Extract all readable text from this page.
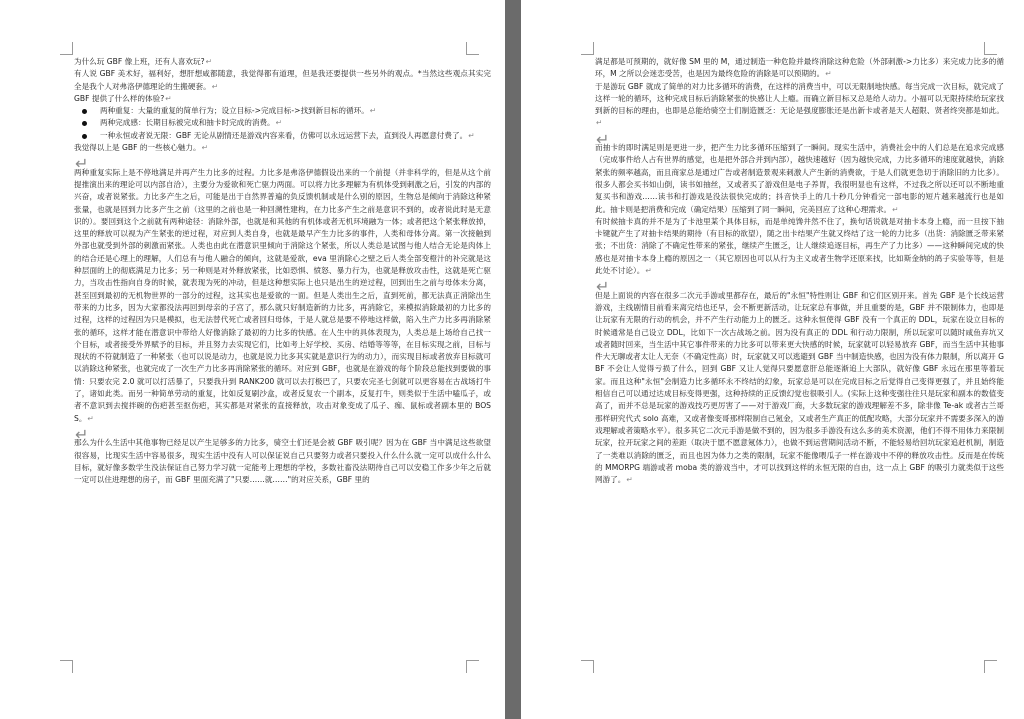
为什么玩 GBF 像上班，还有人喜欢玩? ↵

有人说 GBF 美术好，福利好，想肝想咸都随意，我觉得都有道理，但是我还要提供一些另外的观点。*当然这些观点其实完全是我个人对弗洛伊德理论的生搬硬套。 ↵

GBF 提供了什么样的体验? ↵

两种重复：大量的重复的简单行为；设立目标->完成目标->找到新目标的循环。 ↵
两种完成感：长期目标被完成和抽卡时完成的消费。 ↵
一种永恒或者说无限：GBF 无论从剧情还是游戏内容来看，仿佛可以永远运营下去，直到没人再愿意付费了。 ↵

我觉得以上是 GBF 的一些核心魅力。 ↵

↵

两种重复实际上是不停地满足并再产生力比多的过程。力比多是弗洛伊德假设出来的一个前提（并非科学的，但是从这个前提推演出来的理论可以内部自洽），主要分为爱欲和死亡驱力两面。可以将力比多理解为有机体受到刺激之后，引发的内部的兴奋，或者说紧张。力比多产生之后，可能是出于自然界普遍的负反馈机制或是什么别的原因，生物总是倾向于消除这种紧张量，也就是回到力比多产生之前（这里的之前也是一种回溯性建构，在力比多产生之前是意识不到的，或者说此时是无意识的）。要回到这个之前就有两种途径：消除外部，也就是和其他的有机体或者无机环境融为一体；或者把这个紧张释放掉，这里的释放可以视为产生紧张的逆过程，对应到人类自身，也就是最早产生力比多的事件，人类和母体分离。第一次接触到外部也就受到外部的刺激而紧张。人类也由此在潜意识里倾向于消除这个紧张，所以人类总是试图与他人结合无论是肉体上的结合还是心理上的理解，人们总有与他人融合的倾向，这就是爱欲，eva 里消除心之壁之后人类全部变橙汁的补完就是这种层面的上的彻底满足力比多；另一种则是对外释放紧张，比如恐惧、愤怒、暴力行为，也就是释放攻击性，这就是死亡驱力，当攻击性指向自身的时候，就表现为死的冲动，但是这种想实际上也只是出生的逆过程，回到出生之前与母体未分离，甚至回到最初的无机物世界的一部分的过程，这其实也是爱欲的一面。但是人类出生之后，直到死前，都无法真正消除出生带来的力比多，因为大家都没法再回到母亲的子宫了，那么就只好制造新的力比多，再消除它，来模拟消除最初的力比多的过程，这样的过程因为只是模拟，也无法替代死亡或者回归母体，于是人就总是要不停地这样做，陷入生产力比多再消除紧张的循环，这样才能在潜意识中带给人好像消除了最初的力比多的快感。在人生中的具体表现为，人类总是上场给自己找一个目标，或者接受外界赋予的目标，并且努力去实现它们，比如考上好学校、买房、结婚等等等，在目标实现之前，目标与现状的不符就制造了一种紧张（也可以说是动力，也就是说力比多其实就是意识行为的动力），而实现目标或者放弃目标就可以消除这种紧张，也就完成了一次生产力比多再消除紧张的循环。对应到 GBF，也就是在游戏的每个阶段总能找到要做的事情：只要农完 2.0 就可以打活暴了，只要我升到 RANK200 就可以去打极巴了，只要农完圣七剑就可以更容易在古战场打牛了，诸如此类。而另一种简单劳动的重复，比如反复刷沙盒，或者反复农一个副本，反复打牛，则类似于生活中嗑瓜子，或者不意识到去搅拌碗的伤疤甚至抠伤疤，其实都是对紧张的直接释放，攻击对象变成了瓜子、痂、鼠标或者副本里的 BOSS。 ↵

↵

那么为什么生活中其他事物已经足以产生足够多的力比多，骑空士们还是会被 GBF 吸引呢？因为在 GBF 当中满足这些欲望很容易，比现实生活中容易很多，现实生活中没有人可以保证说自己只要努力或者只要投入什么什么就一定可以成什么什么目标，就好像多数学生没法保证自己努力学习就一定能考上理想的学校，多数社畜没法期待自己可以安稳工作多少年之后就一定可以住进理想的房子，而 GBF 里面充满了"只要……就……"的对应关系，GBF 里的

满足都是可预期的，就好像 SM 里的 M，通过制造一种危险并最终消除这种危险（外部刺激->力比多）来完成力比多的循环，M 之所以会迷恋受苦，也是因为最终危险的消除是可以预期的。 ↵

于是游玩 GBF 就成了简单的对力比多循环的消费，在这样的消费当中，可以无限制地快感。每当完成一次目标，就完成了这样一轮的循环，这种完成目标后消除紧张的快感让人上瘾。而确立新目标又总是给人动力。小福可以无限持续给玩家找到新的目标的理由，也即是总能给骑空士们制造匮乏：无论是强度膨胀还是出新卡或者是天人超限、贤者终突都是如此。 ↵

↵

而抽卡的即时满足则是更进一步，把产生力比多循环压缩到了一瞬间。现实生活中，消费社会中的人们总是在追求完成感（完成事件给人占有世界的感觉，也是把外部合并到内部），越快速越好（因为越快完成，力比多循环的速度就越快，消除紧张的频率越高，而且商家总是通过广告或者制造景观来刺激人产生新的消费欲，于是人们就更急切于消除旧的力比多）。很多人都会买书如山倒，读书如抽丝，又或者买了游戏但是电子养胃，我很明显也有这样，不过我之所以还可以不断地重复买书和游戏……读书和打游戏是没法很快完成的；抖音快手上的几十秒几分钟看完一部电影的短片越来越流行也是如此。抽卡则是把消费和完成（确定结果）压缩到了同一瞬间，完美回应了这种心理需求。 ↵

有时候抽卡真的并不是为了卡池里某个具体目标，而是单纯馋井然不住了，换句话说就是对抽卡本身上瘾，而一旦按下抽卡键就产生了对抽卡结果的期待（有目标的欲望），随之出卡结果产生就又终结了这一轮的力比多（出货：消除匮乏带来紧张；不出货：消除了不确定性带来的紧张，继续产生匮乏，让人继续追逐目标，再生产了力比多）——这种瞬间完成的快感也是对抽卡本身上瘾的原因之一（其它原因也可以从行为主义或者生物学还原来找，比如斯金纳的鸽子实验等等，但是此处不讨论）。 ↵

↵

但是上面说的内容在很多二次元手游或里都存在，最后的"永恒"特性则让 GBF 和它们区别开来。首先 GBF 是个长线运营游戏，主线剧情目前看来离完结也还早，会不断更新活动，让玩家总有事做，并且重要的是，GBF 并不限制体力，也即是让玩家有无限的行动的机会，并不产生行动能力上的匮乏。这种永恒使得 GBF 没有一个真正的 DDL，玩家在设立目标的时候通常是自己设立 DDL，比如下一次古战场之前。因为没有真正的 DDL 和行动力限制，所以玩家可以随时咸鱼弃坑又或者随时回来，当生活中其它事件带来的力比多可以带来更大快感的时候，玩家就可以轻易放弃 GBF，而当生活中其他事件大无聊或者太让人无奈（不确定性高）时，玩家就又可以逃避到 GBF 当中制造快感，也因为没有体力限制，所以离开 GBF 不会让人觉得亏损了什么，回到 GBF 又让人觉得只要愿意肝总能逐渐追上大部队，就好像 GBF 永远在那里等着玩家。而且这种"永恒"会制造力比多循环永不终结的幻象，玩家总是可以在完成目标之后觉得自己变得更强了，并且始终能相信自己可以通过达成目标变得更强，这种持续的正反馈幻觉也很吸引人。(实际上这种变强往往只是玩家和副本的数值变高了，而并不总是玩家的游戏技巧更厉害了——对于游戏厂商，大多数玩家的游戏理解差不多，除非像 Te-ak 或者古兰哥那样研究代式 solo 高难，又或者像变哥那样限制自己氪金，又或者生产真正的低配攻略，大部分玩家并不需要多深入的游戏理解或者策略水平）。很多其它二次元手游是做不到的，因为很多手游没有这么多的美术资源，他们不得不用体力来限制玩家，拉开玩家之间的差距（取决于愿不愿意氪体力），也做不到运营期间活动不断，不能轻易给回坑玩家追赶机制，制造了一类难以消除的匮乏，而且也因为体力之类的限制，玩家不能像喂瓜子一样在游戏中不停的释放攻击性。反而是在传统的 MMORPG 端游或者 moba 类的游戏当中，才可以找到这样的永恒无限的自由，这一点上 GBF 的吸引力就类似于这些网游了。 ↵
